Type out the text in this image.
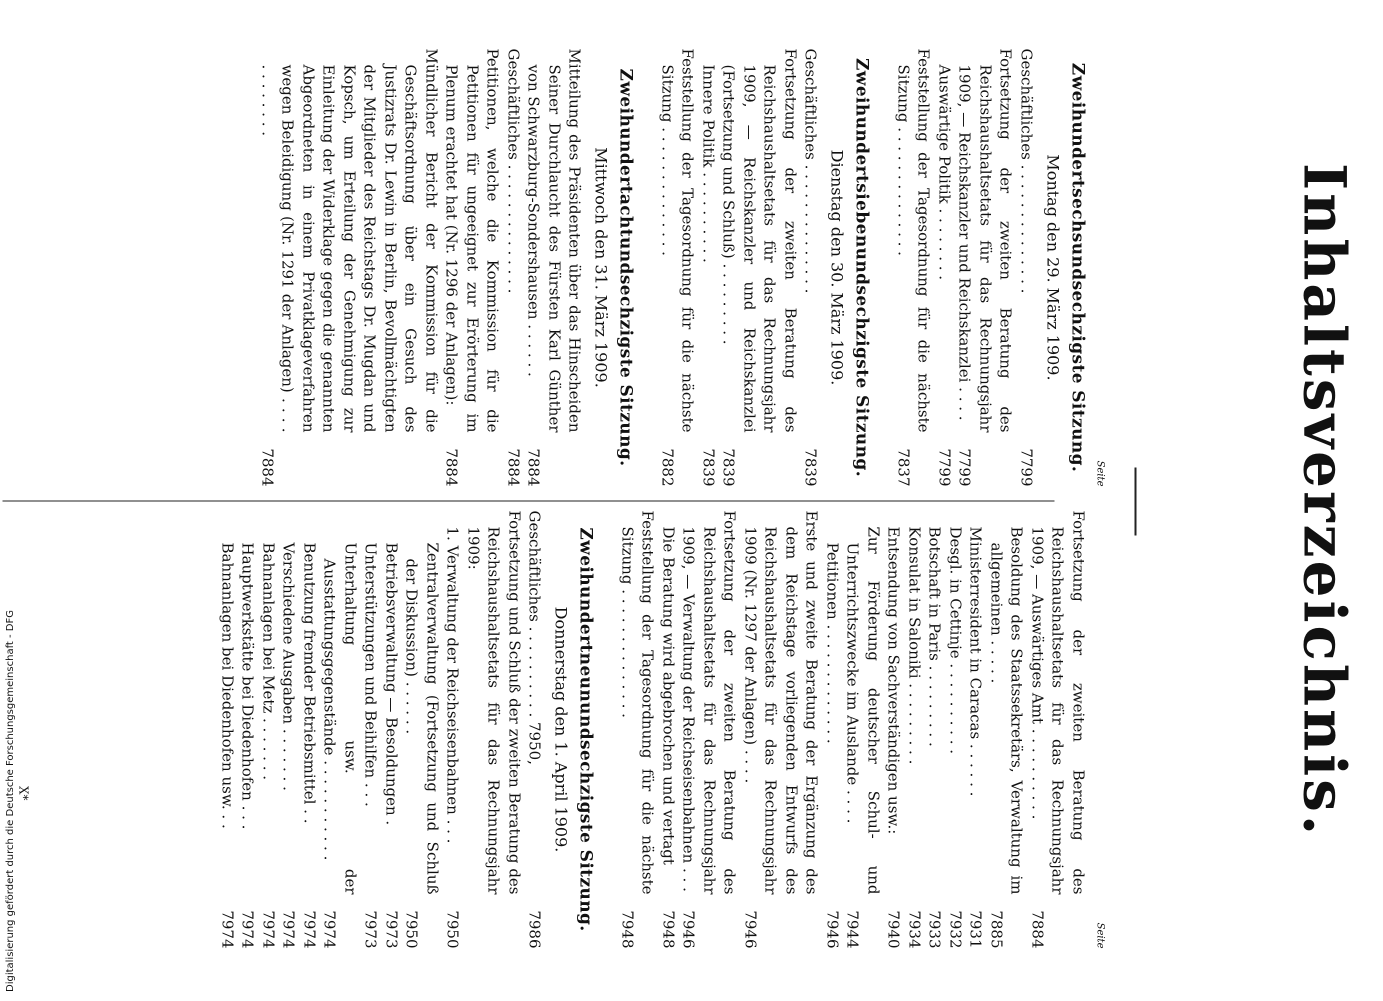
Inhaltsverzeichnis.
Seite
Zweihundertsechsundsechzigste Sitzung.
Montag den 29. März 1909.
Geschäftliches . . . . . . . . . . . . . .
7799
Fortsetzung der zweiten Beratung des Reichshaushaltsetats für das Rechnungsjahr 1909, — Reichskanzler und Reichskanzlei . . . .
7799
Auswärtige Politik . . . . . . . .
7799
Feststellung der Tagesordnung für die nächste Sitzung . . . . . . . . . . . . . .
7837
Zweihundertsiebenundsechzigste Sitzung.
Dienstag den 30. März 1909.
Geschäftliches . . . . . . . . . . . . . .
7839
Fortsetzung der zweiten Beratung des Reichshaushaltsetats für das Rechnungsjahr 1909, — Reichskanzler und Reichskanzlei (Fortsetzung und Schluß) . . . . . . . . .
7839
Innere Politik . . . . . . . . . .
7839
Feststellung der Tagesordnung für die nächste Sitzung . . . . . . . . . . . . . .
7882
Zweihundertachtundsechzigste Sitzung.
Mittwoch den 31. März 1909.
Mitteilung des Präsidenten über das Hinscheiden Seiner Durchlaucht des Fürsten Karl Günther von Schwarzburg-Sondershausen . . . . . .
7884
Geschäftliches . . . . . . . . . . . . . .
7884
Petitionen, welche die Kommission für die Petitionen für ungeeignet zur Erörterung im Plenum erachtet hat (Nr. 1296 der Anlagen):
7884
Mündlicher Bericht der Kommission für die Geschäftsordnung über ein Gesuch des Justizrats Dr. Lewin in Berlin, Bevollmächtigten der Mitglieder des Reichstags Dr. Mugdan und Kopsch, um Erteilung der Genehmigung zur Einleitung der Widerklage gegen die genannten Abgeordneten in einem Privatklageverfahren wegen Beleidigung (Nr. 1291 der Anlagen) . . . . . . . . . . . .
7884
Seite
Fortsetzung der zweiten Beratung des Reichshaushaltsetats für das Rechnungsjahr 1909, — Auswärtiges Amt . . . . . . . . . .
7884
Besoldung des Staatssekretärs, Verwaltung im allgemeinen . . . . .
7885
Ministerresident in Caracas . . . . . .
7931
Desgl. in Cettinje . . . . . . . . . .
7932
Botschaft in Paris . . . . . . . . .
7933
Konsulat in Saloniki . . . . . . . . .
7934
Entsendung von Sachverständigen usw.:
7940
Zur Förderung deutscher Schul- und Unterrichtszwecke im Auslande . . . .
7944
Petitionen . . . . . . . . . . . . .
7946
Erste und zweite Beratung der Ergänzung des dem Reichstage vorliegenden Entwurfs des Reichshaushaltsetats für das Rechnungsjahr 1909 (Nr. 1297 der Anlagen) . . . .
7946
Fortsetzung der zweiten Beratung des Reichshaushaltsetats für das Rechnungsjahr 1909, — Verwaltung der Reichseisenbahnen . . .
7946
Die Beratung wird abgebrochen und vertagt
7948
Feststellung der Tagesordnung für die nächste Sitzung . . . . . . . . . . . . . .
7948
Zweihundertneunundsechzigste Sitzung.
Donnerstag den 1. April 1909.
Geschäftliches . . . . . . . . . . 7950,
7986
Fortsetzung und Schluß der zweiten Beratung des Reichshaushaltsetats für das Rechnungsjahr 1909:
1. Verwaltung der Reichseisenbahnen . . .
7950
Zentralverwaltung (Fortsetzung und Schluß der Diskussion) . . . . . .
7950
Betriebsverwaltung — Besoldungen .
7973
Unterstützungen und Beihilfen . . .
7973
Unterhaltung usw. der Ausstattungsgegenstände . . . . . . . . . . .
7974
Benutzung fremder Betriebsmittel . .
7974
Verschiedene Ausgaben . . . . . . .
7974
Bahnanlagen bei Metz . . . . . . .
7974
Hauptwerkstätte bei Diedenhofen . . .
7974
Bahnanlagen bei Diedenhofen usw. . .
7974
X*
Digitalisierung gefördert durch die Deutsche Forschungsgemeinschaft - DFG
